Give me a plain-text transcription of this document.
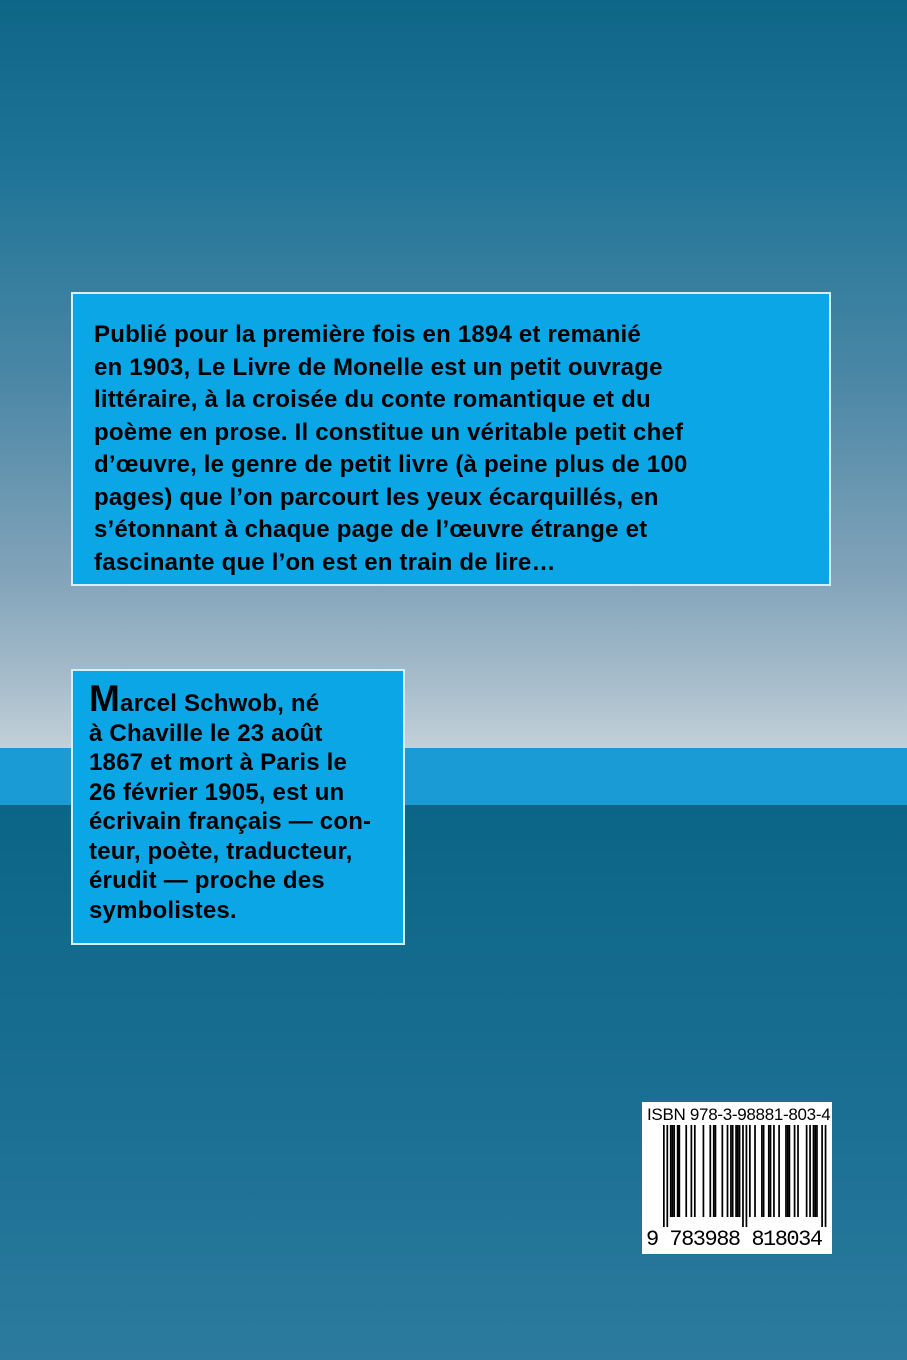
Publié pour la première fois en 1894 et remanié
en 1903, Le Livre de Monelle est un petit ouvrage
littéraire, à la croisée du conte romantique et du
poème en prose. Il constitue un véritable petit chef
d’œuvre, le genre de petit livre (à peine plus de 100
pages) que l’on parcourt les yeux écarquillés, en
s’étonnant à chaque page de l’œuvre étrange et
fascinante que l’on est en train de lire…

Marcel Schwob, né
à Chaville le 23 août
1867 et mort à Paris le
26 février 1905, est un
écrivain français — con-
teur, poète, traducteur,
érudit — proche des
symbolistes.

ISBN 978-3-98881-803-4
9 783988 818034
